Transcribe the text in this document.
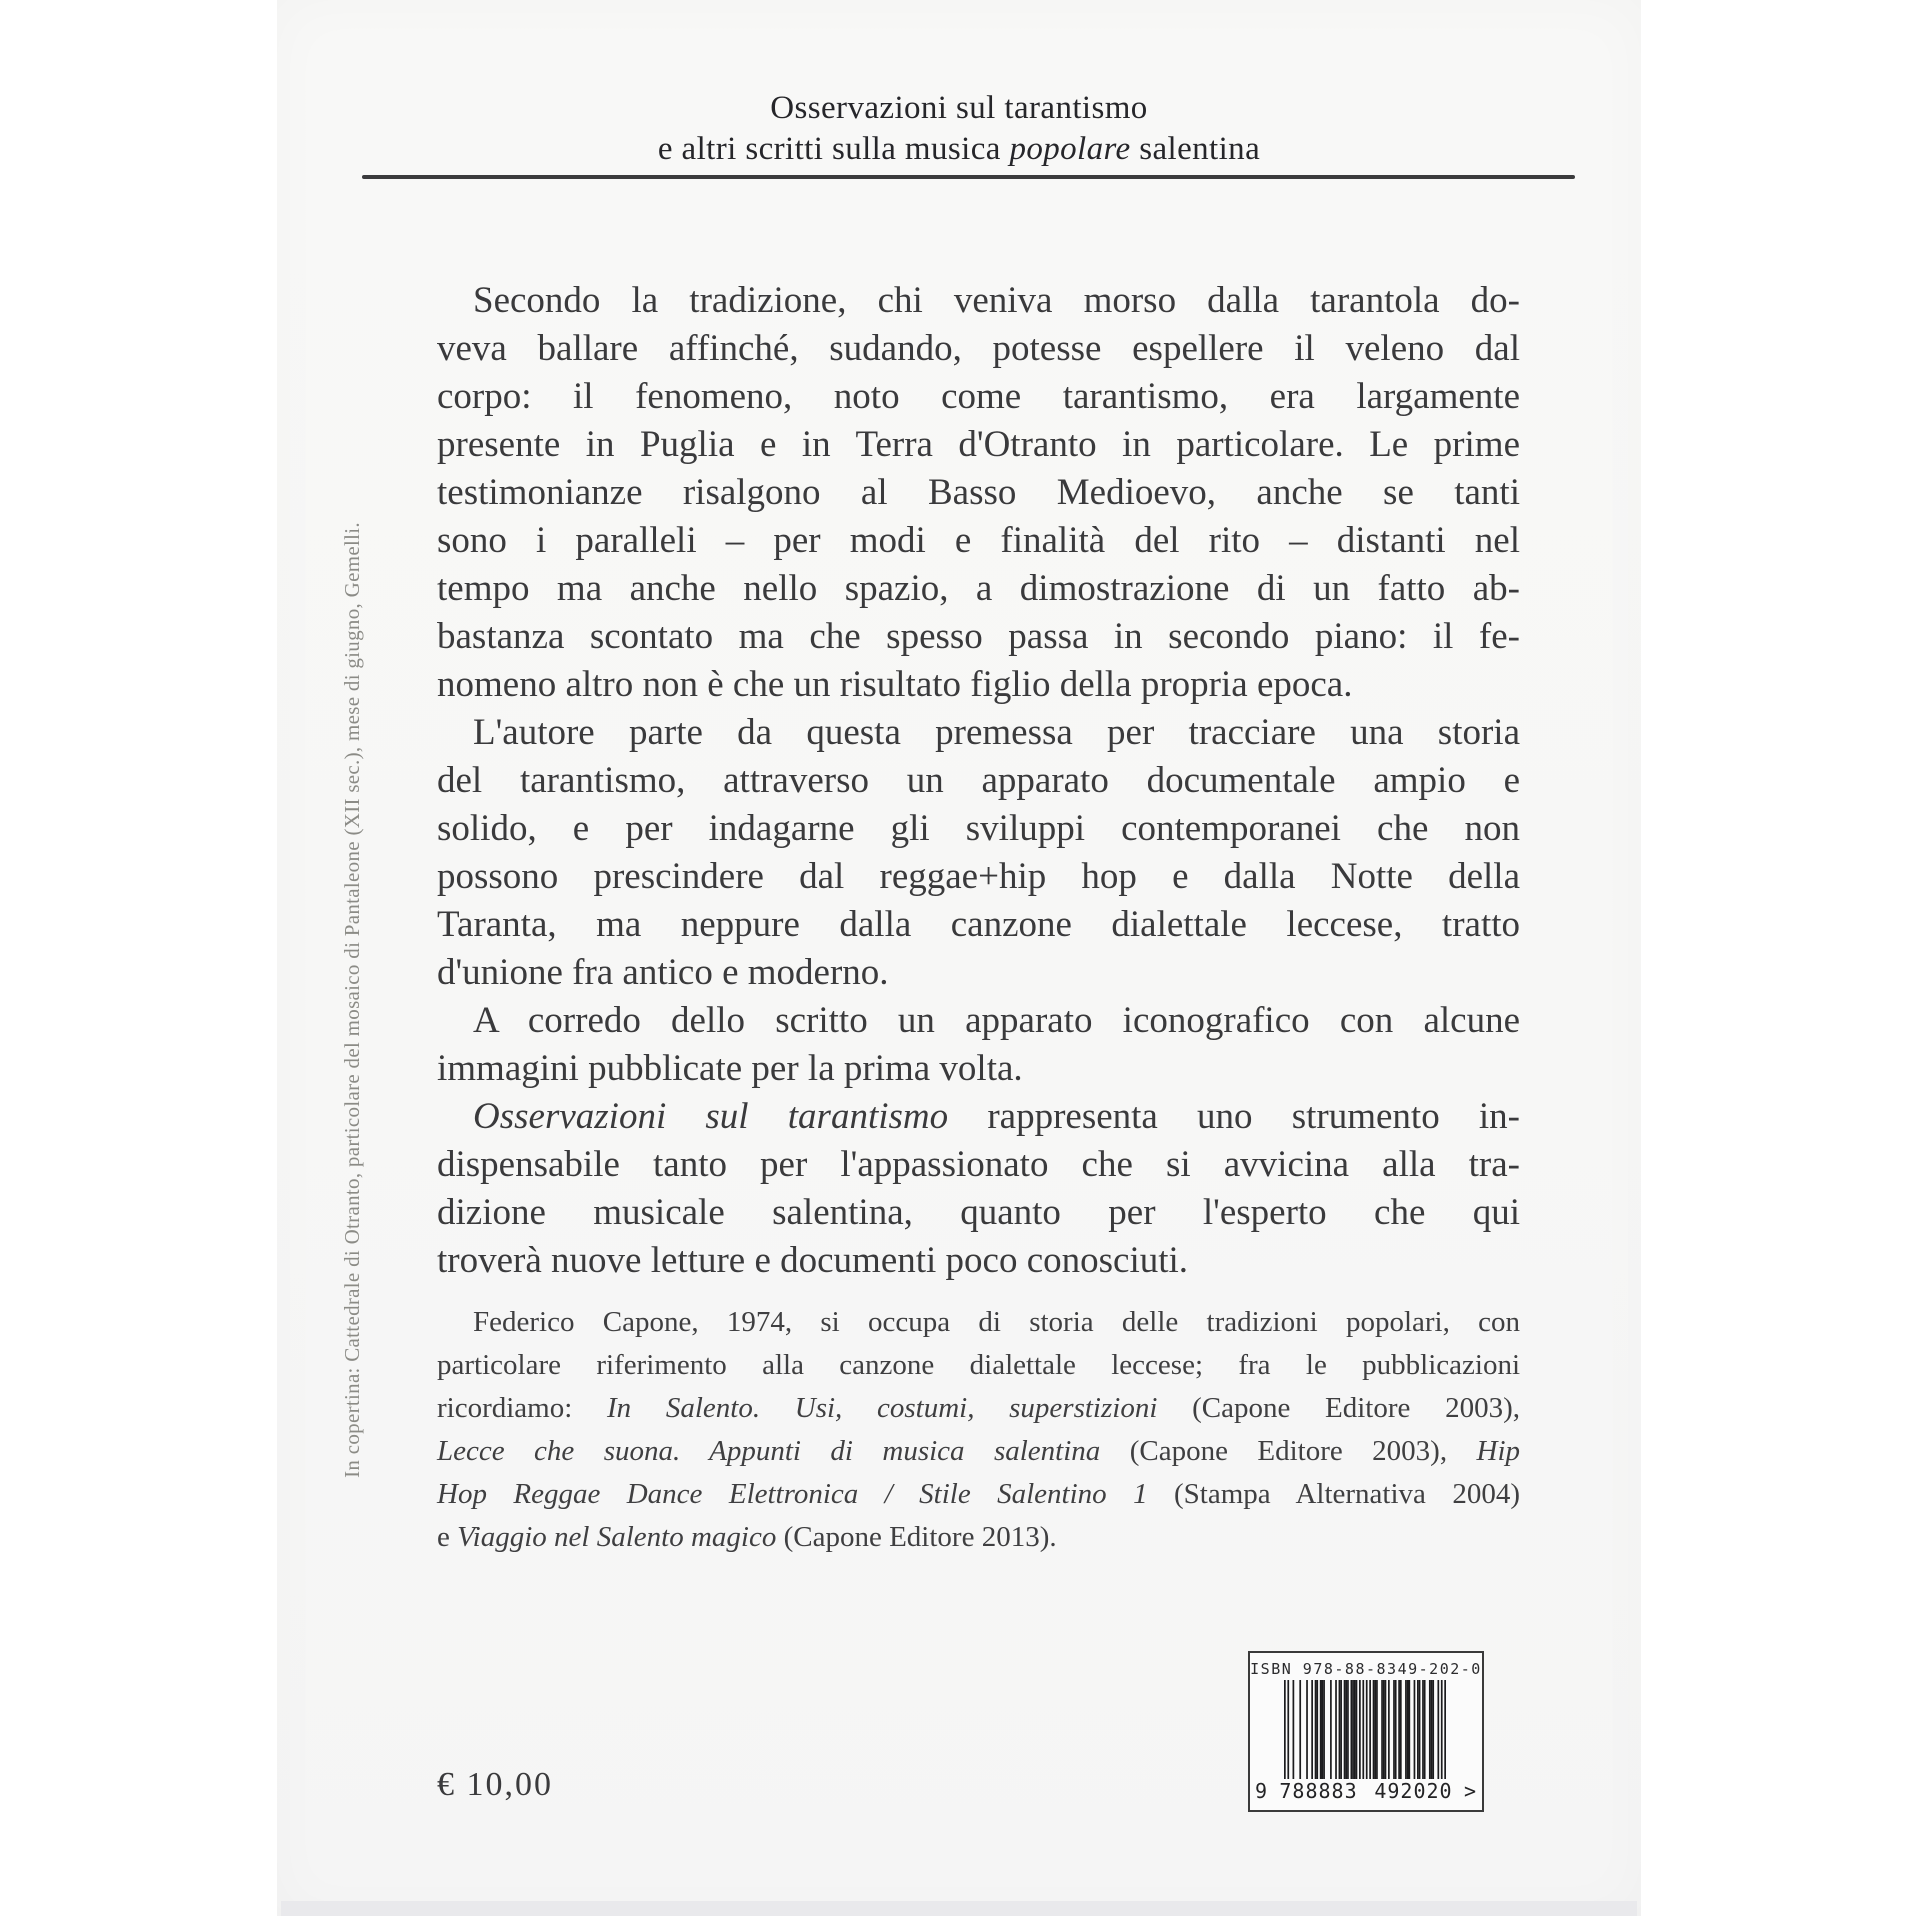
Osservazioni sul tarantismo
e altri scritti sulla musica popolare salentina
Secondo la tradizione, chi veniva morso dalla tarantola do-
veva ballare affinché, sudando, potesse espellere il veleno dal
corpo: il fenomeno, noto come tarantismo, era largamente
presente in Puglia e in Terra d'Otranto in particolare. Le prime
testimonianze risalgono al Basso Medioevo, anche se tanti
sono i paralleli – per modi e finalità del rito – distanti nel
tempo ma anche nello spazio, a dimostrazione di un fatto ab-
bastanza scontato ma che spesso passa in secondo piano: il fe-
nomeno altro non è che un risultato figlio della propria epoca.
L'autore parte da questa premessa per tracciare una storia
del tarantismo, attraverso un apparato documentale ampio e
solido, e per indagarne gli sviluppi contemporanei che non
possono prescindere dal reggae+hip hop e dalla Notte della
Taranta, ma neppure dalla canzone dialettale leccese, tratto
d'unione fra antico e moderno.
A corredo dello scritto un apparato iconografico con alcune
immagini pubblicate per la prima volta.
Osservazioni sul tarantismo rappresenta uno strumento in-
dispensabile tanto per l'appassionato che si avvicina alla tra-
dizione musicale salentina, quanto per l'esperto che qui
troverà nuove letture e documenti poco conosciuti.
Federico Capone, 1974, si occupa di storia delle tradizioni popolari, con
particolare riferimento alla canzone dialettale leccese; fra le pubblicazioni
ricordiamo: In Salento. Usi, costumi, superstizioni (Capone Editore 2003),
Lecce che suona. Appunti di musica salentina (Capone Editore 2003), Hip
Hop Reggae Dance Elettronica / Stile Salentino 1 (Stampa Alternativa 2004)
e Viaggio nel Salento magico (Capone Editore 2013).
In copertina: Cattedrale di Otranto, particolare del mosaico di Pantaleone (XII sec.), mese di giugno, Gemelli.
€ 10,00
ISBN 978-88-8349-202-0
9 788883 492020 >
